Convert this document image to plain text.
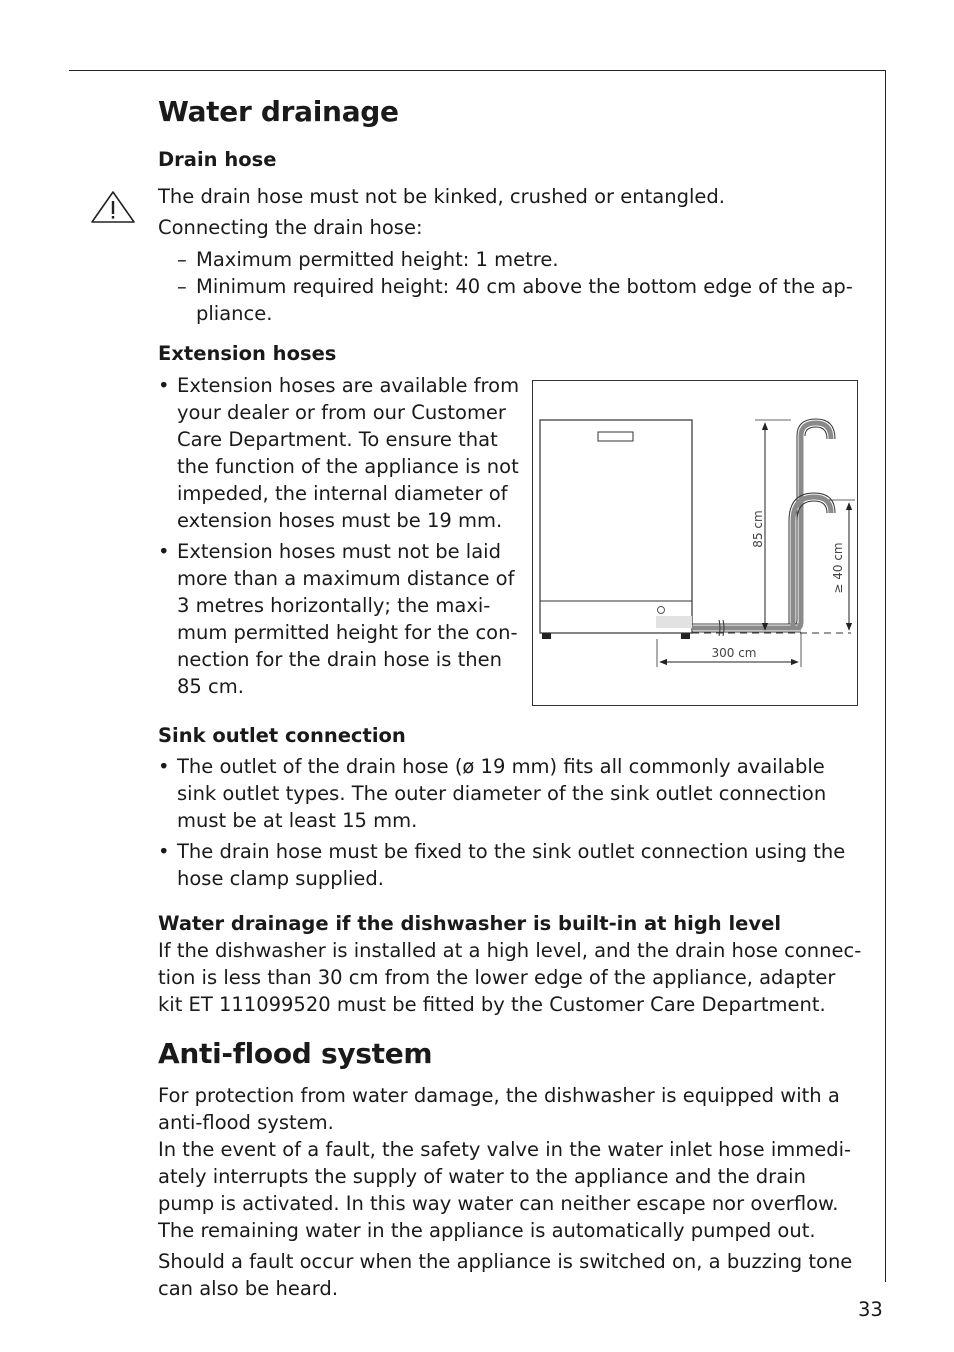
Water drainage
Drain hose

The drain hose must not be kinked, crushed or entangled.

Connecting the drain hose:

– Maximum permitted height: 1 metre.
– Minimum required height: 40 cm above the bottom edge of the ap-pliance.
Extension hoses
• Extension hoses are available from your dealer or from our Customer Care Department. To ensure that the function of the appliance is not impeded, the internal diameter of extension hoses must be 19 mm.
• Extension hoses must not be laid more than a maximum distance of 3 metres horizontally; the maxi-mum permitted height for the con-nection for the drain hose is then 85 cm.
Sink outlet connection
• The outlet of the drain hose (ø 19 mm) fits all commonly available sink outlet types. The outer diameter of the sink outlet connection must be at least 15 mm.
• The drain hose must be fixed to the sink outlet connection using the hose clamp supplied.
Water drainage if the dishwasher is built-in at high level

If the dishwasher is installed at a high level, and the drain hose connec-tion is less than 30 cm from the lower edge of the appliance, adapter kit ET 111099520 must be fitted by the Customer Care Department.

Anti-flood system

For protection from water damage, the dishwasher is equipped with a anti-flood system.

In the event of a fault, the safety valve in the water inlet hose immedi-ately interrupts the supply of water to the appliance and the drain pump is activated. In this way water can neither escape nor overflow. The remaining water in the appliance is automatically pumped out.

Should a fault occur when the appliance is switched on, a buzzing tone can also be heard.

85 cm
≥ 40 cm
300 cm
33
